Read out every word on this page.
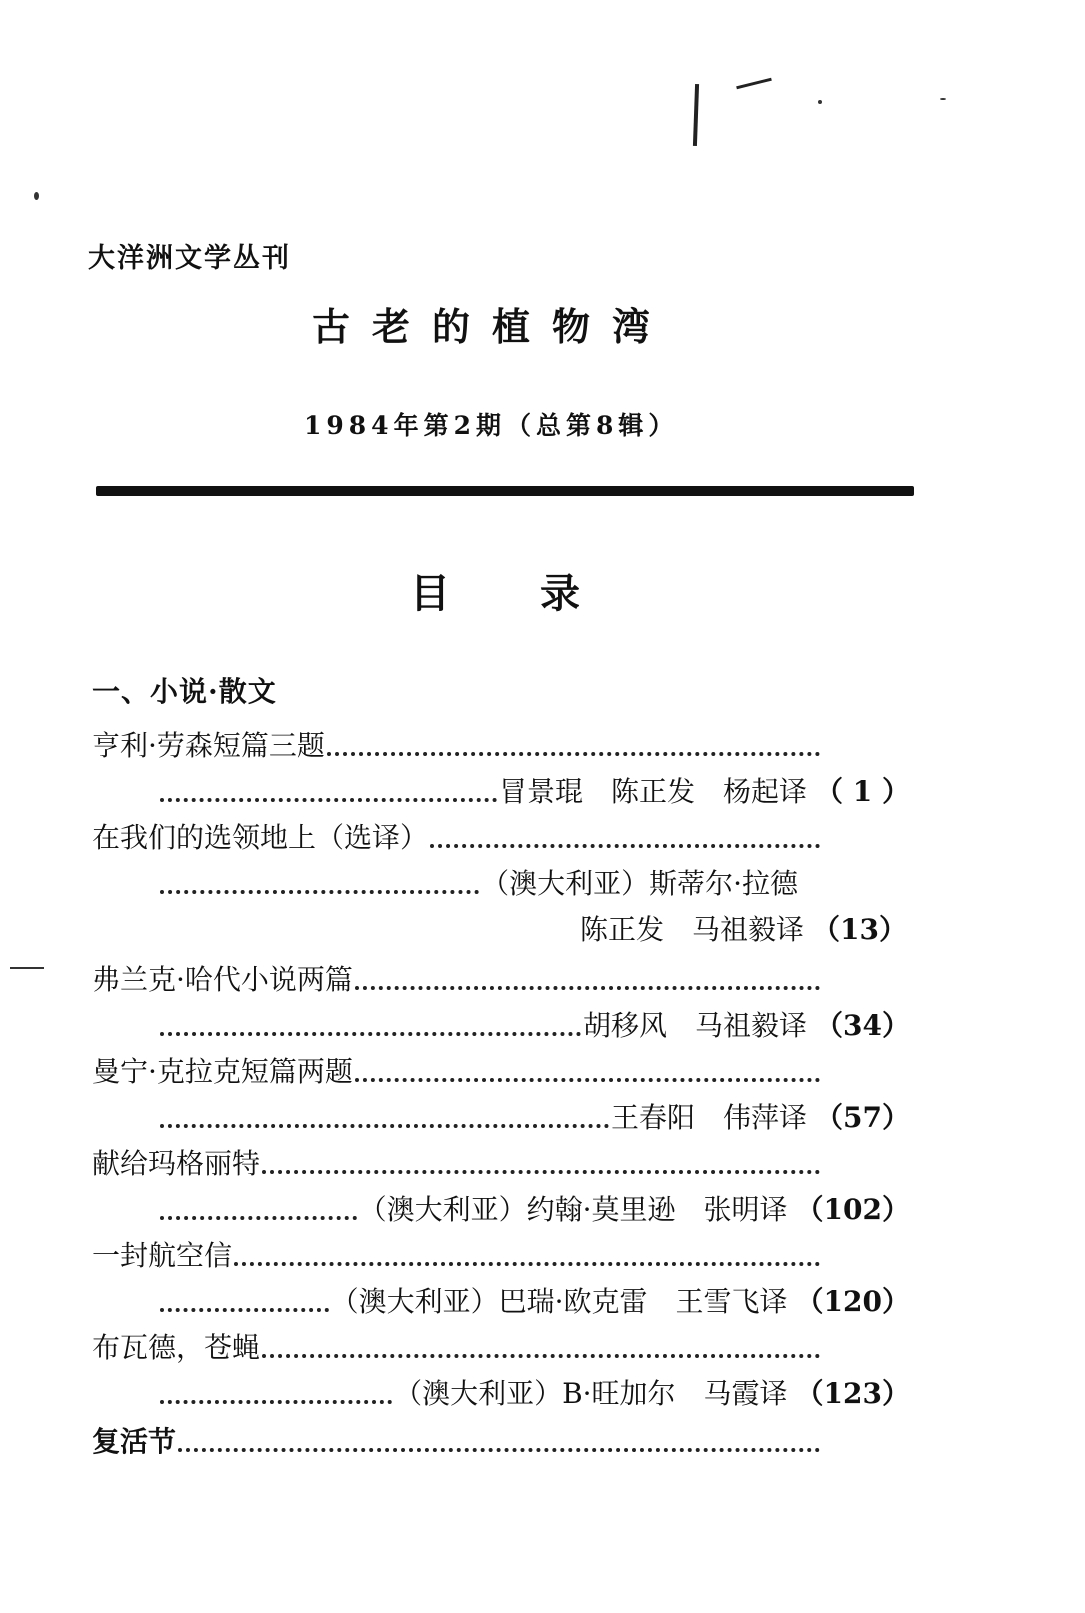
大洋洲文学丛刊
古老的植物湾
1984年第2期（总第8辑）
目录
一、小说·散文
亨利·劳森短篇三题
冒景琨　陈正发　杨起译 （ 1 ）
在我们的选领地上（选译）
（澳大利亚）斯蒂尔·拉德
陈正发　马祖毅译 （13）
弗兰克·哈代小说两篇
胡移风　马祖毅译 （34）
曼宁·克拉克短篇两题
王春阳　伟萍译 （57）
献给玛格丽特
（澳大利亚）约翰·莫里逊　张明译 （102）
一封航空信
（澳大利亚）巴瑞·欧克雷　王雪飞译 （120）
布瓦德，苍蝇
（澳大利亚）B·旺加尔　马霞译 （123）
复活节
